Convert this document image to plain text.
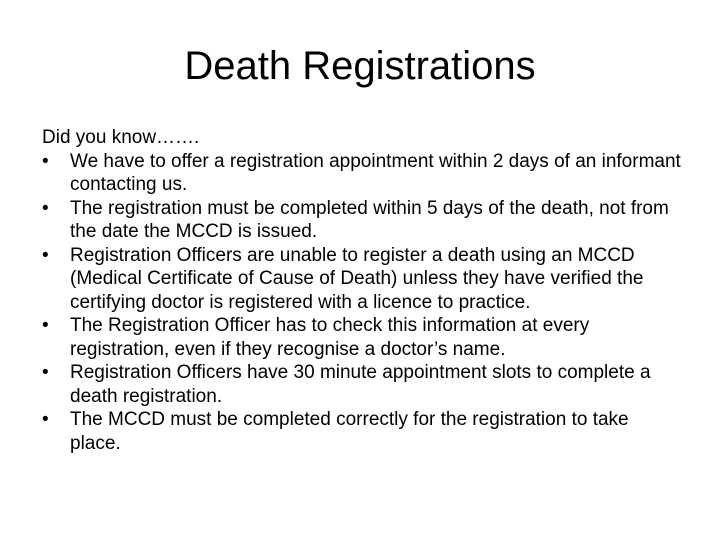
Death Registrations

Did you know…….

•	We have to offer a registration appointment within 2 days of an informant contacting us.
•	The registration must be completed within 5 days of the death, not from the date the MCCD is issued.
•	Registration Officers are unable to register a death using an MCCD (Medical Certificate of Cause of Death) unless they have verified the certifying doctor is registered with a licence to practice.
•	The Registration Officer has to check this information at every registration, even if they recognise a doctor’s name.
•	Registration Officers have 30 minute appointment slots to complete a death registration.
•	The MCCD must be completed correctly for the registration to take place.
